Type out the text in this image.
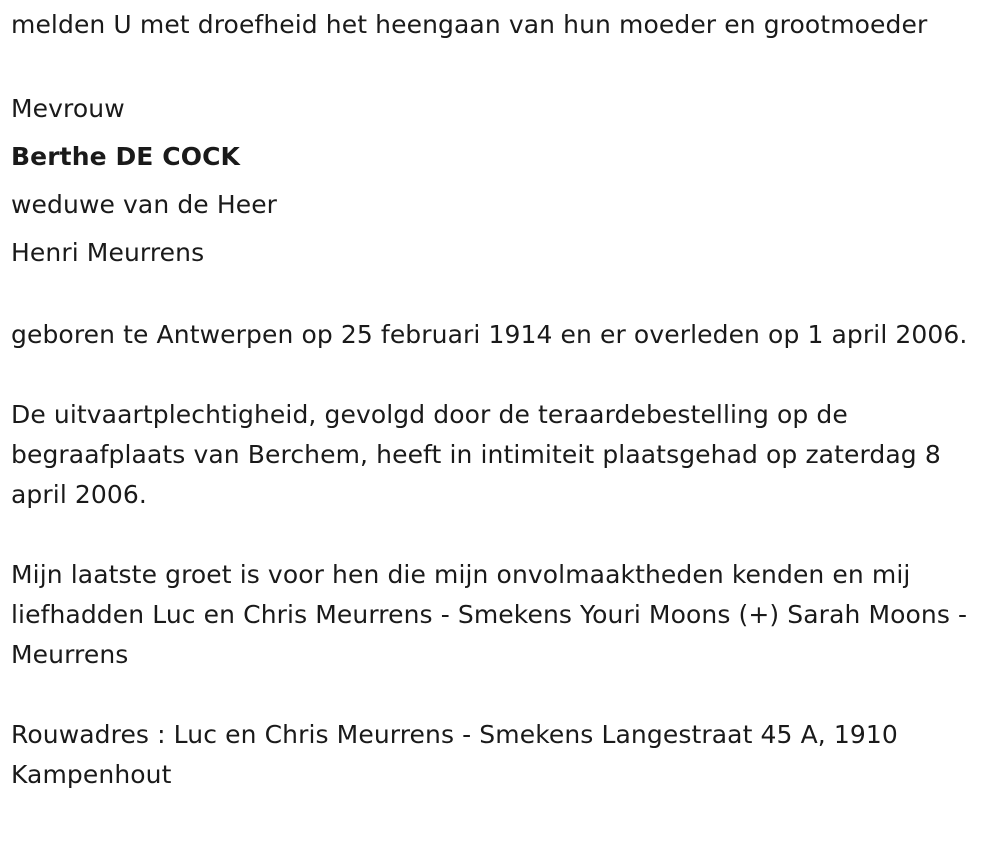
melden U met droefheid het heengaan van hun moeder en grootmoeder
Mevrouw
Berthe DE COCK
weduwe van de Heer
Henri Meurrens
geboren te Antwerpen op 25 februari 1914 en er overleden op 1 april 2006.
De uitvaartplechtigheid, gevolgd door de teraardebestelling op de begraafplaats van Berchem, heeft in intimiteit plaatsgehad op zaterdag 8 april 2006.
Mijn laatste groet is voor hen die mijn onvolmaaktheden kenden en mij liefhadden Luc en Chris Meurrens - Smekens Youri Moons (+) Sarah Moons - Meurrens
Rouwadres : Luc en Chris Meurrens - Smekens Langestraat 45 A, 1910 Kampenhout
